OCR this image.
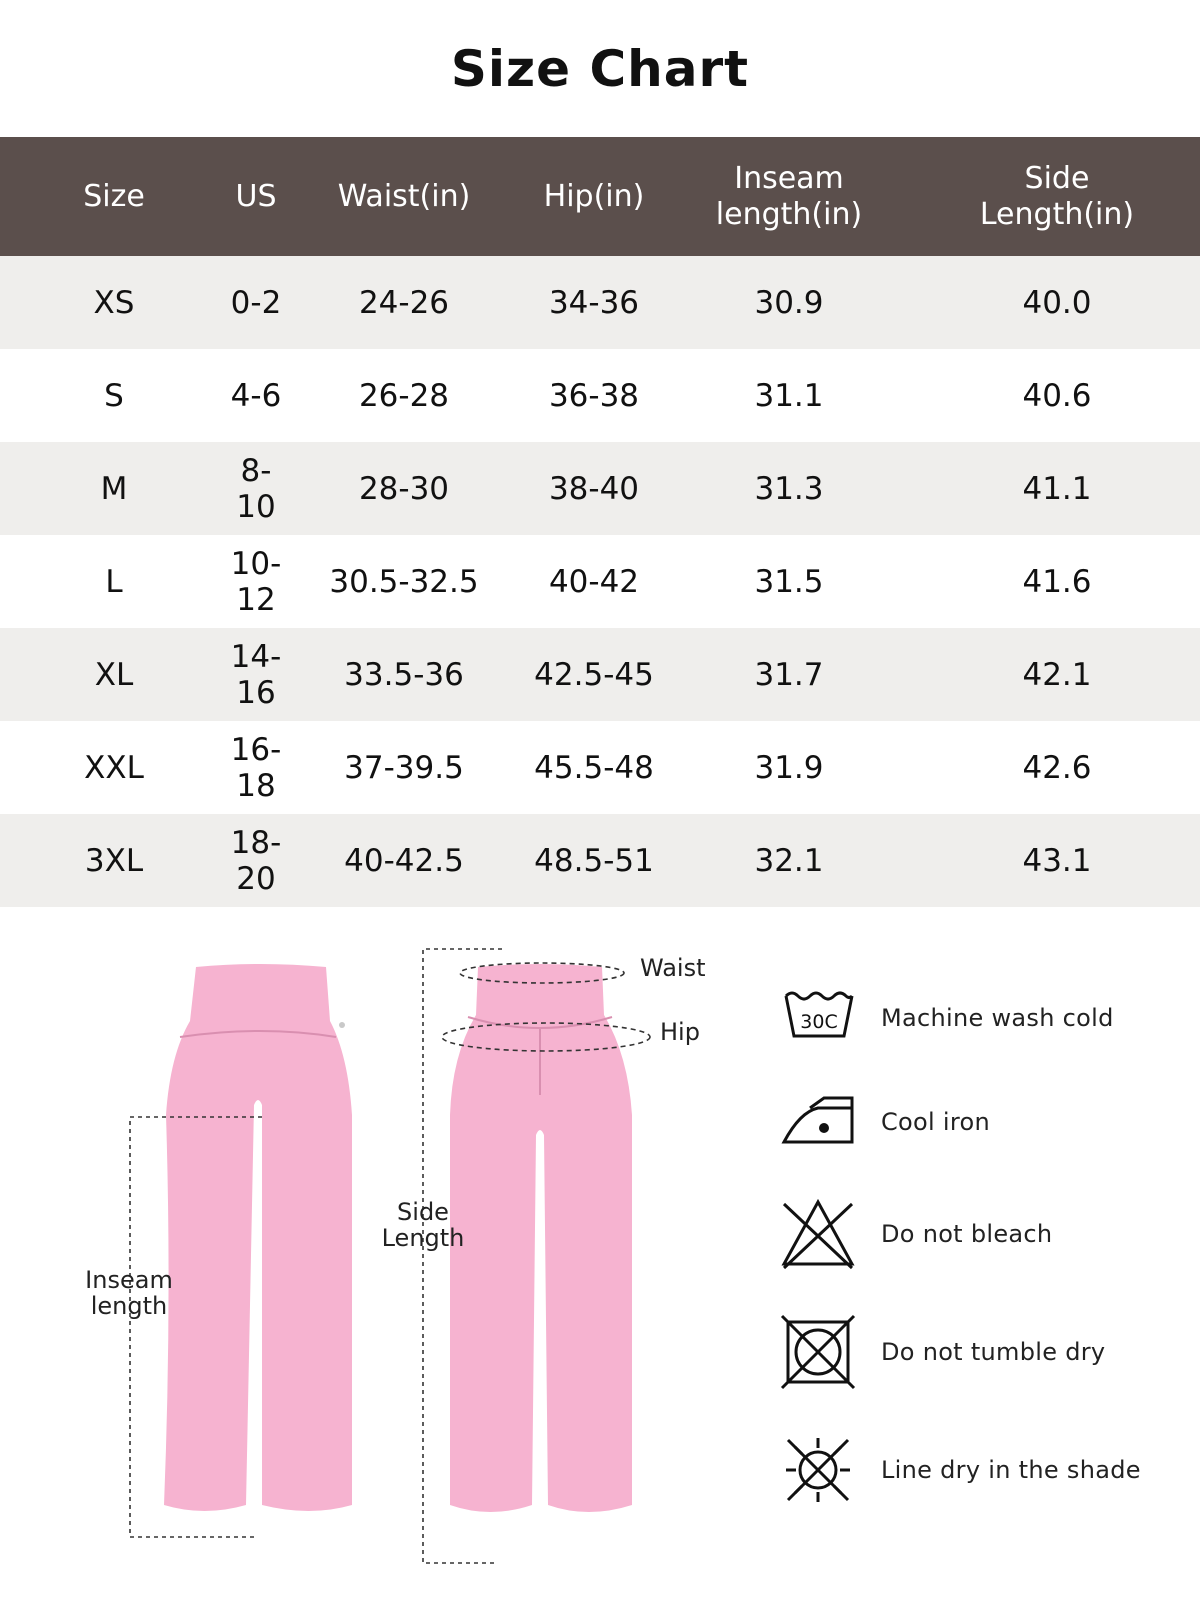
Size Chart
Size	US	Waist(in)	Hip(in)	Inseam length(in)	Side Length(in)
XS	0-2	24-26	34-36	30.9	40.0
S	4-6	26-28	36-38	31.1	40.6
M	8-10	28-30	38-40	31.3	41.1
L	10-12	30.5-32.5	40-42	31.5	41.6
XL	14-16	33.5-36	42.5-45	31.7	42.1
XXL	16-18	37-39.5	45.5-48	31.9	42.6
3XL	18-20	40-42.5	48.5-51	32.1	43.1
Waist
Hip
Side Length
Inseam length
30C Machine wash cold
Cool iron
Do not bleach
Do not tumble dry
Line dry in the shade
